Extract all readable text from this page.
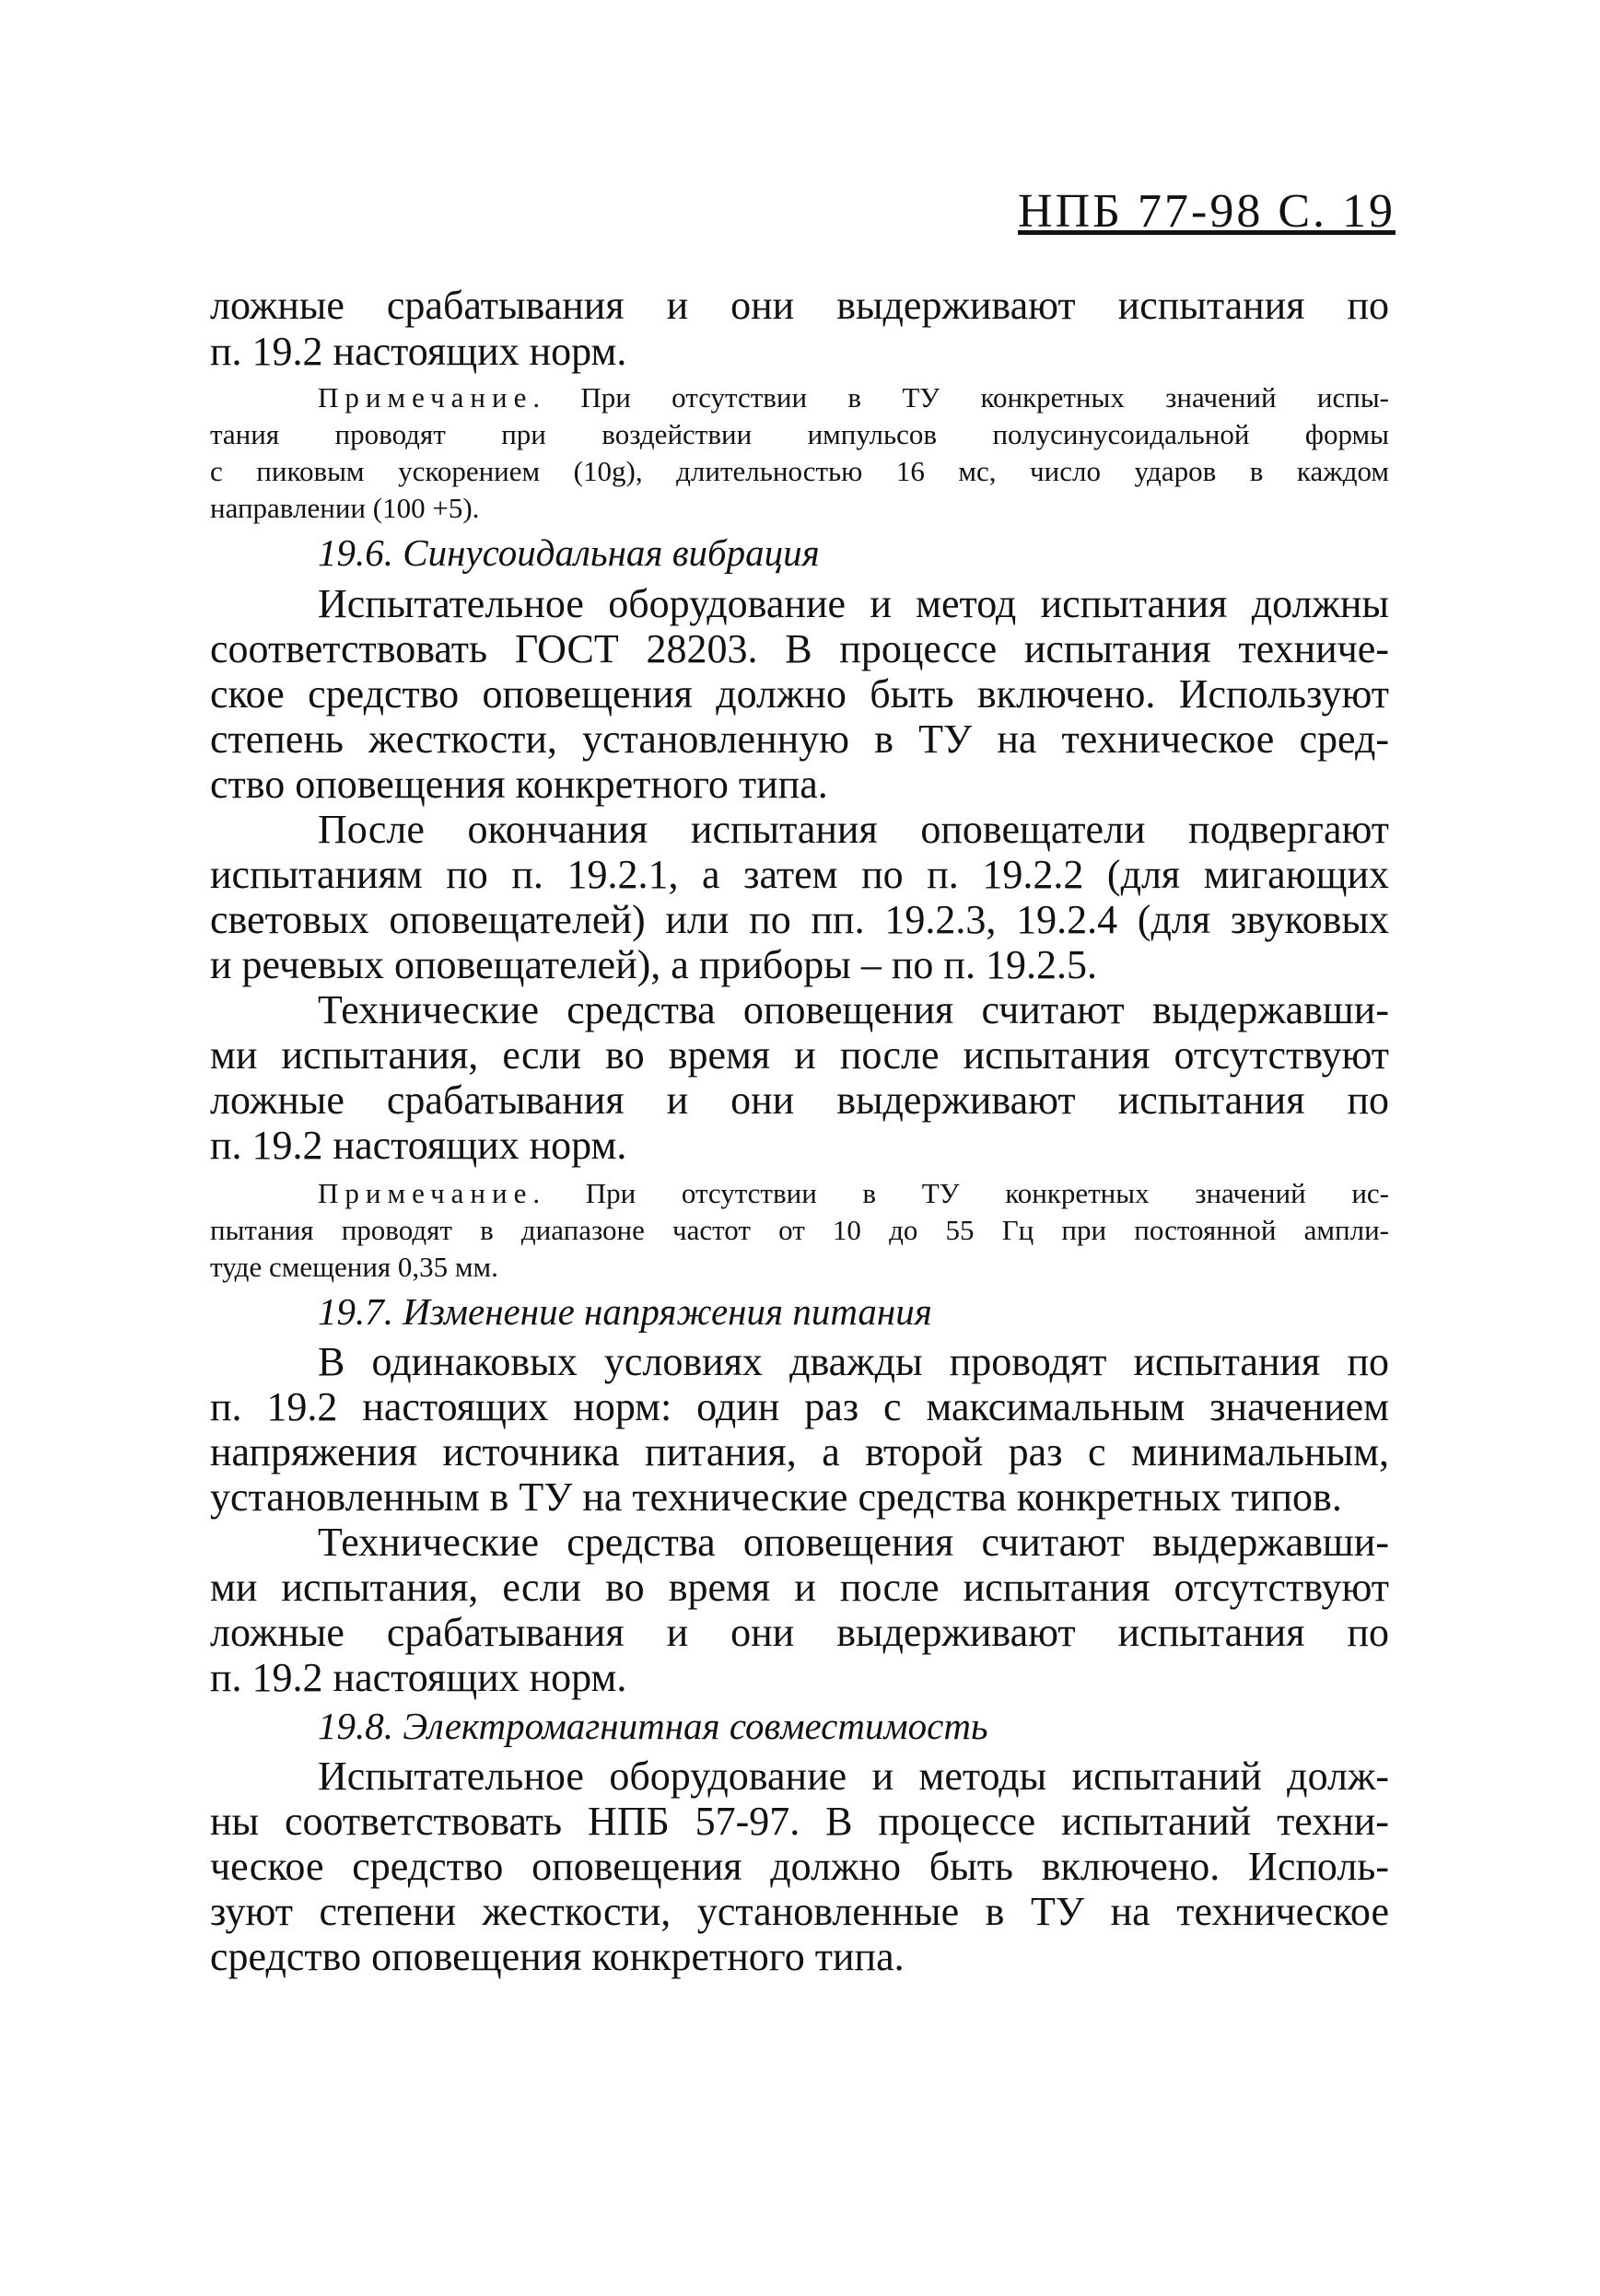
НПБ 77-98 С. 19
ложные срабатывания и они выдерживают испытания по
п. 19.2 настоящих норм.
Примечание. При отсутствии в ТУ конкретных значений испы-
тания проводят при воздействии импульсов полусинусоидальной формы
с пиковым ускорением (10g), длительностью 16 мс, число ударов в каждом
направлении (100 +5).
19.6. Синусоидальная вибрация
Испытательное оборудование и метод испытания должны
соответствовать ГОСТ 28203. В процессе испытания техниче-
ское средство оповещения должно быть включено. Используют
степень жесткости, установленную в ТУ на техническое сред-
ство оповещения конкретного типа.
После окончания испытания оповещатели подвергают
испытаниям по п. 19.2.1, а затем по п. 19.2.2 (для мигающих
световых оповещателей) или по пп. 19.2.3, 19.2.4 (для звуковых
и речевых оповещателей), а приборы – по п. 19.2.5.
Технические средства оповещения считают выдержавши-
ми испытания, если во время и после испытания отсутствуют
ложные срабатывания и они выдерживают испытания по
п. 19.2 настоящих норм.
Примечание. При отсутствии в ТУ конкретных значений ис-
пытания проводят в диапазоне частот от 10 до 55 Гц при постоянной ампли-
туде смещения 0,35 мм.
19.7. Изменение напряжения питания
В одинаковых условиях дважды проводят испытания по
п. 19.2 настоящих норм: один раз с максимальным значением
напряжения источника питания, а второй раз с минимальным,
установленным в ТУ на технические средства конкретных типов.
Технические средства оповещения считают выдержавши-
ми испытания, если во время и после испытания отсутствуют
ложные срабатывания и они выдерживают испытания по
п. 19.2 настоящих норм.
19.8. Электромагнитная совместимость
Испытательное оборудование и методы испытаний долж-
ны соответствовать НПБ 57-97. В процессе испытаний техни-
ческое средство оповещения должно быть включено. Исполь-
зуют степени жесткости, установленные в ТУ на техническое
средство оповещения конкретного типа.
